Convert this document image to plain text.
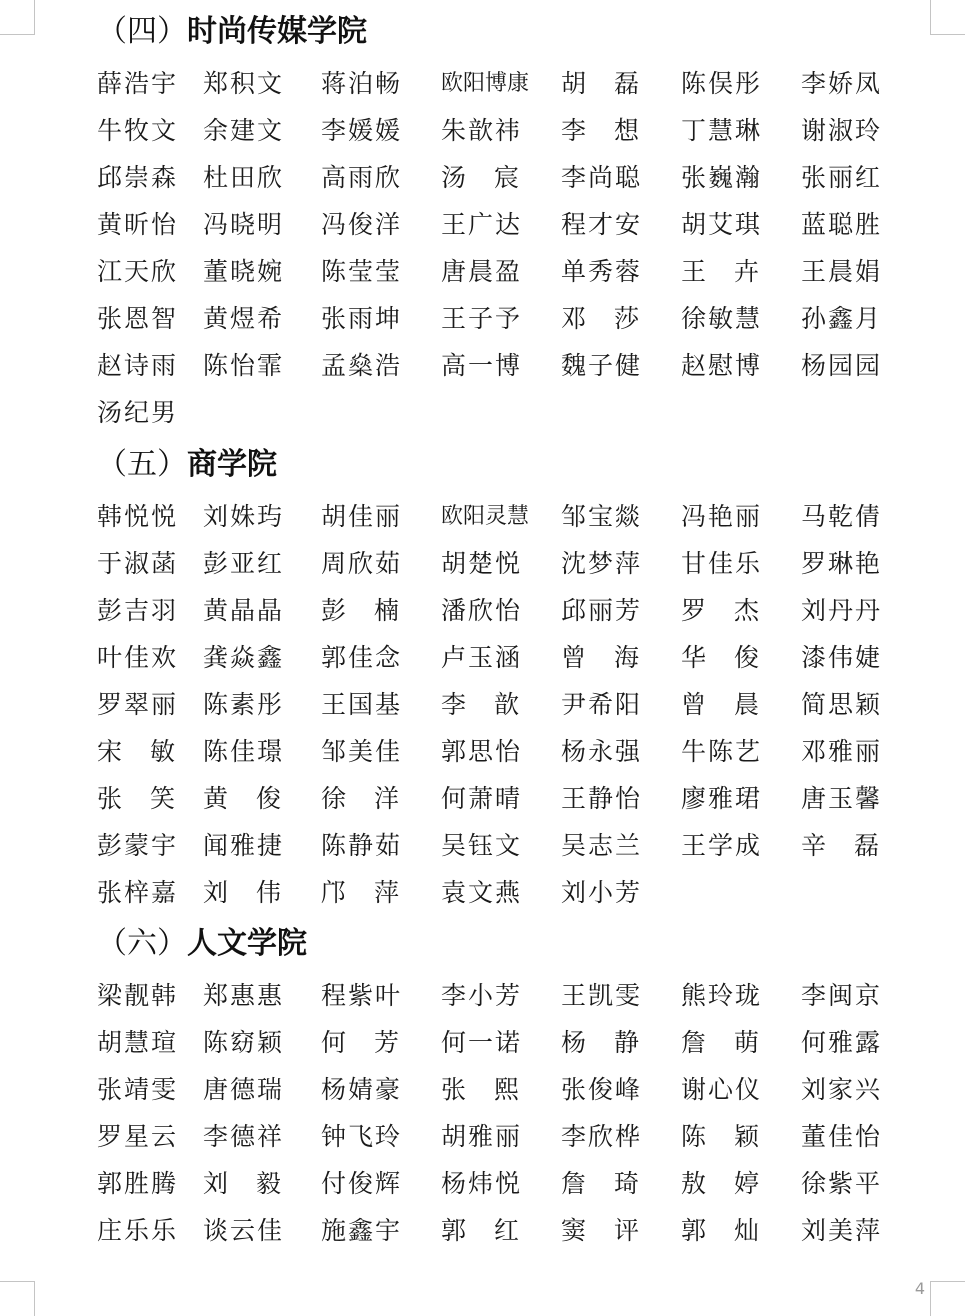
（四）时尚传媒学院
薛浩宇 郑积文 蒋泊畅 欧阳博康 胡磊 陈俣彤 李娇凤
牛牧文 余建文 李媛媛 朱歆祎 李想 丁慧琳 谢淑玲
邱崇森 杜田欣 高雨欣 汤宸 李尚聪 张巍瀚 张丽红
黄昕怡 冯晓明 冯俊洋 王广达 程才安 胡艾琪 蓝聪胜
江天欣 董晓婉 陈莹莹 唐晨盈 单秀蓉 王卉 王晨娟
张恩智 黄煜希 张雨坤 王子予 邓莎 徐敏慧 孙鑫月
赵诗雨 陈怡霏 孟燊浩 高一博 魏子健 赵慰博 杨园园
汤纪男
（五）商学院
韩悦悦 刘姝玙 胡佳丽 欧阳灵慧 邹宝燚 冯艳丽 马乾倩
于淑菡 彭亚红 周欣茹 胡楚悦 沈梦萍 甘佳乐 罗琳艳
彭吉羽 黄晶晶 彭楠 潘欣怡 邱丽芳 罗杰 刘丹丹
叶佳欢 龚焱鑫 郭佳念 卢玉涵 曾海 华俊 漆伟婕
罗翠丽 陈素彤 王国基 李歆 尹希阳 曾晨 简思颖
宋敏 陈佳璟 邹美佳 郭思怡 杨永强 牛陈艺 邓雅丽
张笑 黄俊 徐洋 何萧晴 王静怡 廖雅珺 唐玉馨
彭蒙宇 闻雅捷 陈静茹 吴钰文 吴志兰 王学成 辛磊
张梓嘉 刘伟 邝萍 袁文燕 刘小芳
（六）人文学院
梁靓韩 郑惠惠 程紫叶 李小芳 王凯雯 熊玲珑 李闽京
胡慧瑄 陈窈颖 何芳 何一诺 杨静 詹萌 何雅露
张靖雯 唐德瑞 杨婧豪 张熙 张俊峰 谢心仪 刘家兴
罗星云 李德祥 钟飞玲 胡雅丽 李欣桦 陈颖 董佳怡
郭胜腾 刘毅 付俊辉 杨炜悦 詹琦 敖婷 徐紫平
庄乐乐 谈云佳 施鑫宇 郭红 窦评 郭灿 刘美萍
4
